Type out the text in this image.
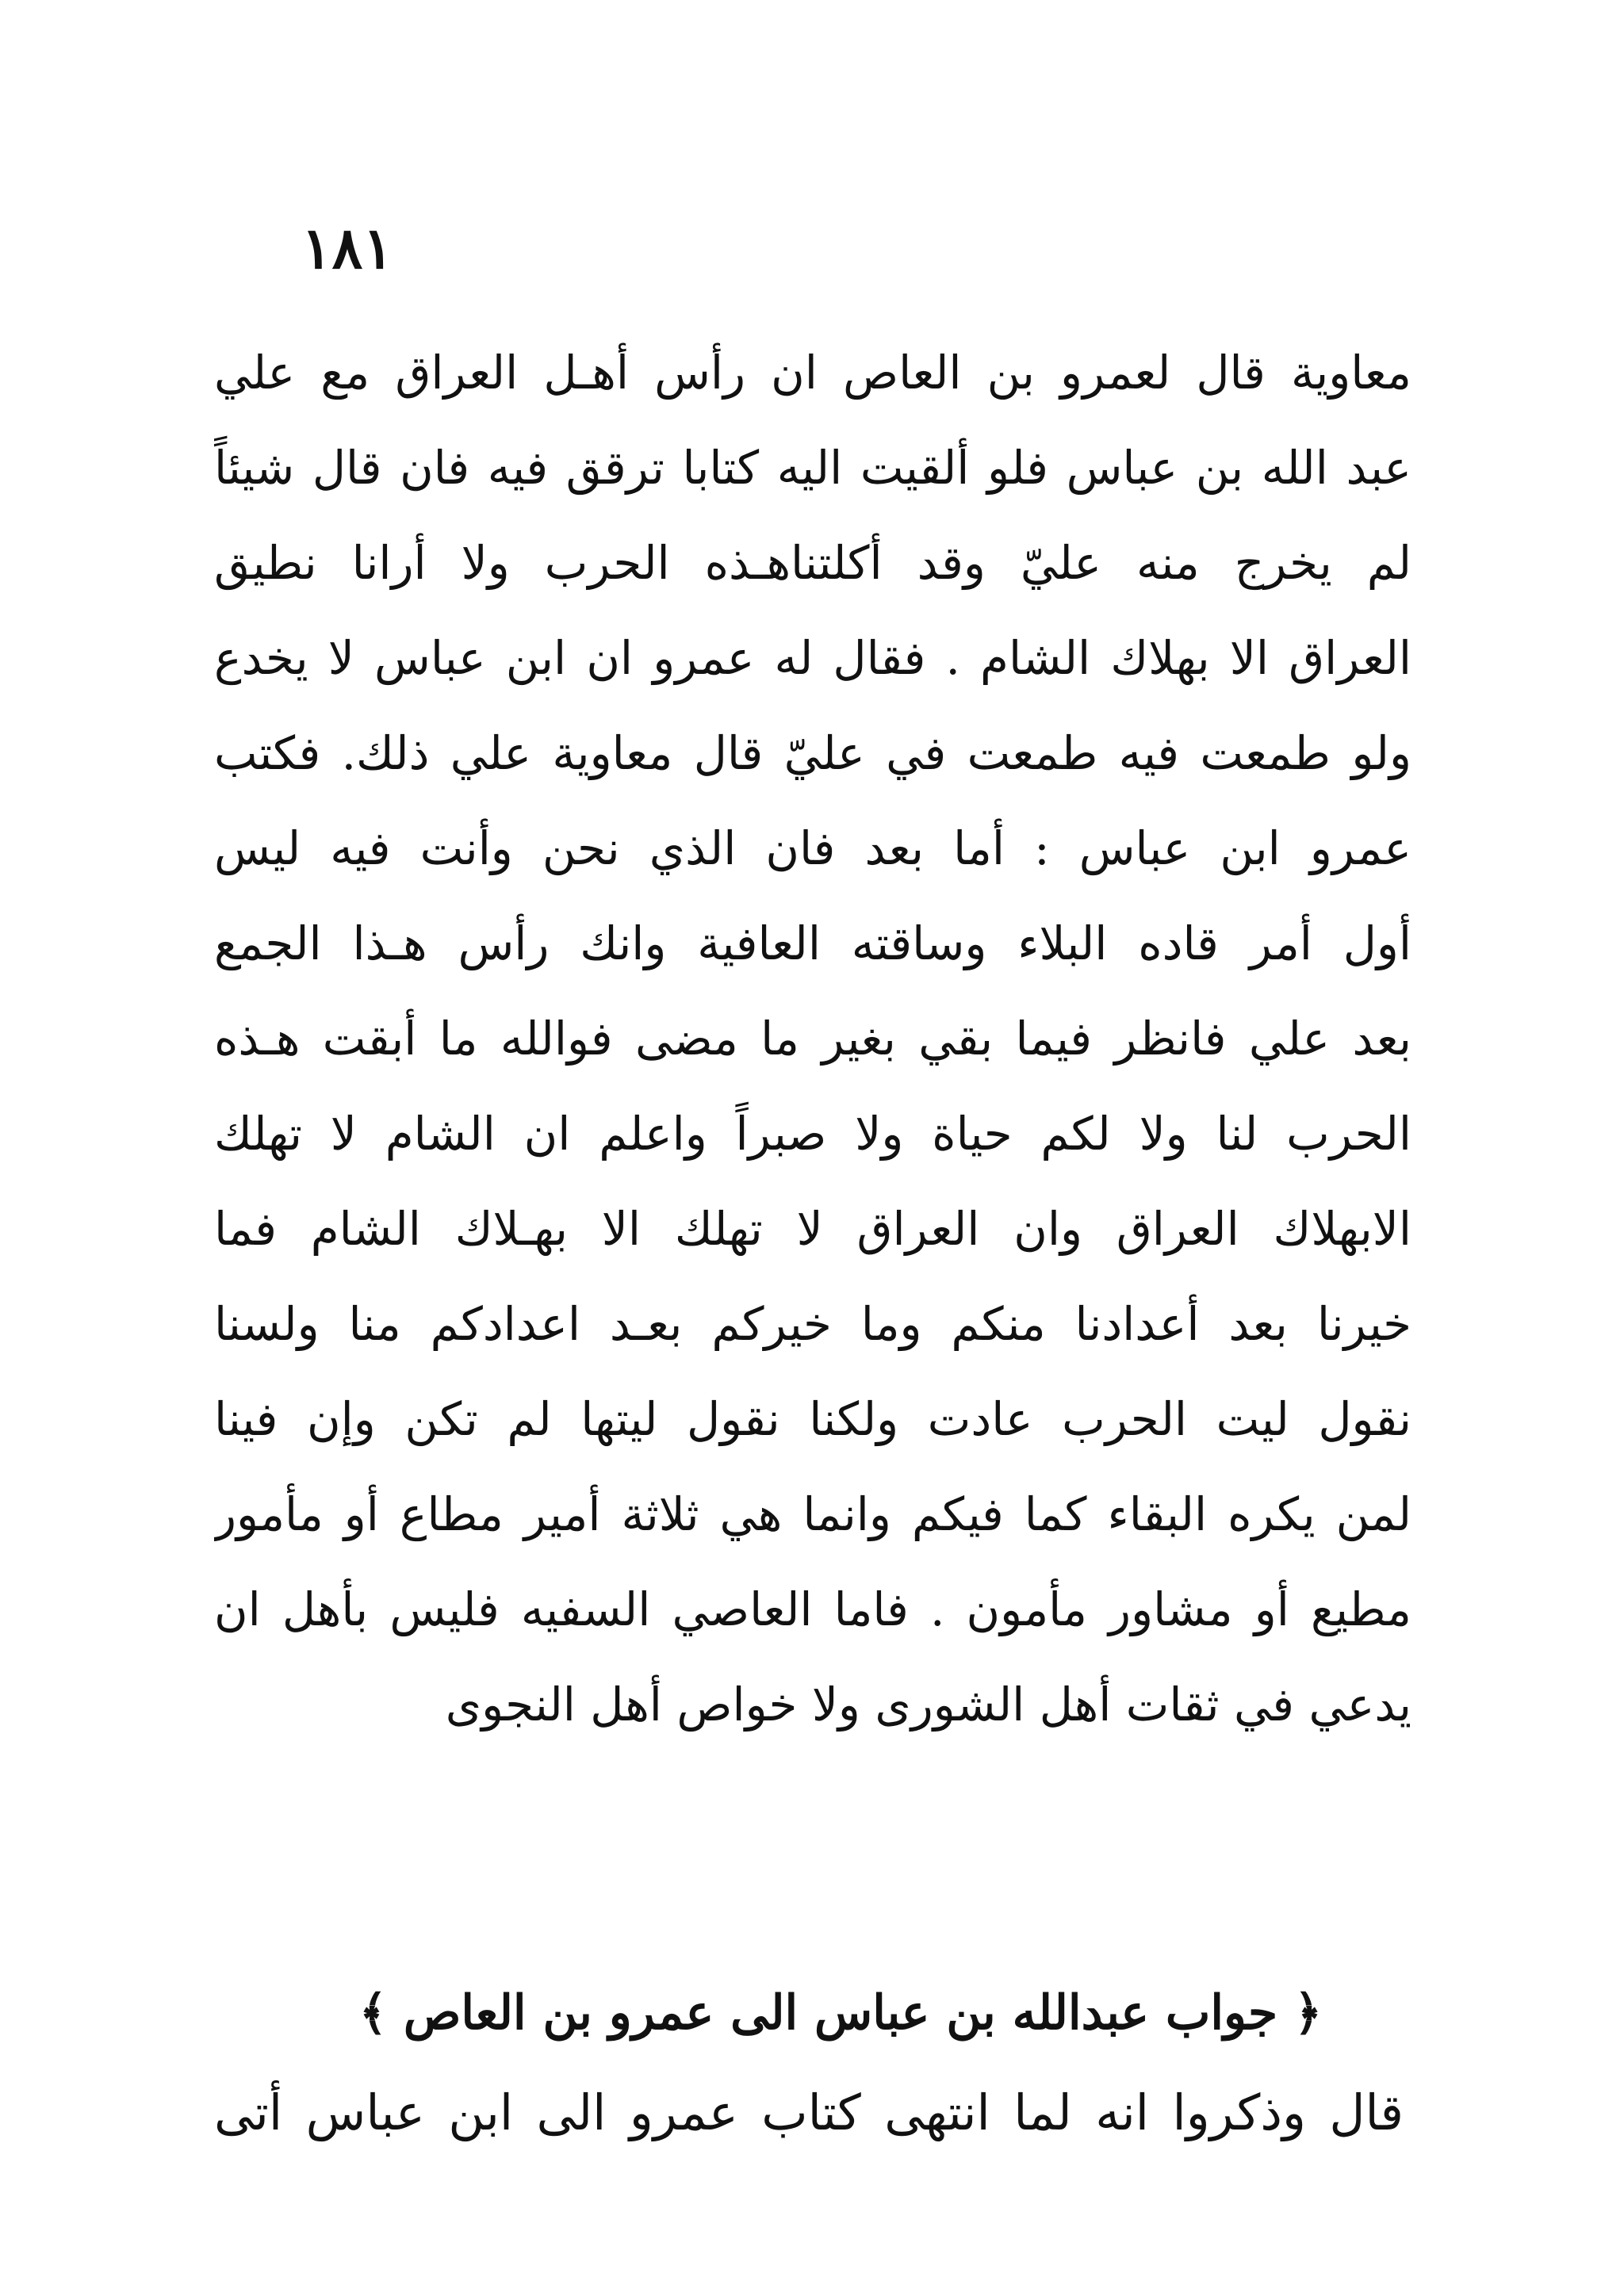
١٨١
معاوية قال لعمرو بن العاص ان رأس أهـل العراق مع علي
عبد الله بن عباس فلو ألقيت اليه كتابا ترقق فيه فان قال شيئاً
لم يخرج منه عليّ وقد أكلتناهـذه الحرب ولا أرانا نطيق
العراق الا بهلاك الشام . فقال له عمرو ان ابن عباس لا يخدع
ولو طمعت فيه طمعت في عليّ قال معاوية علي ذلك. فكتب
عمرو ابن عباس : أما بعد فان الذي نحن وأنت فيه ليس
أول أمر قاده البلاء وساقته العافية وانك رأس هـذا الجمع
بعد علي فانظر فيما بقي بغير ما مضى فوالله ما أبقت هـذه
الحرب لنا ولا لكم حياة ولا صبراً واعلم ان الشام لا تهلك
الابهلاك العراق وان العراق لا تهلك الا بهـلاك الشام فما
خيرنا بعد أعدادنا منكم وما خيركم بعـد اعدادكم منا ولسنا
نقول ليت الحرب عادت ولكنا نقول ليتها لم تكن وإن فينا
لمن يكره البقاء كما فيكم وانما هي ثلاثة أمير مطاع أو مأمور
مطيع أو مشاور مأمون . فاما العاصي السفيه فليس بأهل ان
يدعي في ثقات أهل الشورى ولا خواص أهل النجوى
﴿ جواب عبدالله بن عباس الى عمرو بن العاص ﴾
قال وذكروا انه لما انتهى كتاب عمرو الى ابن عباس أتى
